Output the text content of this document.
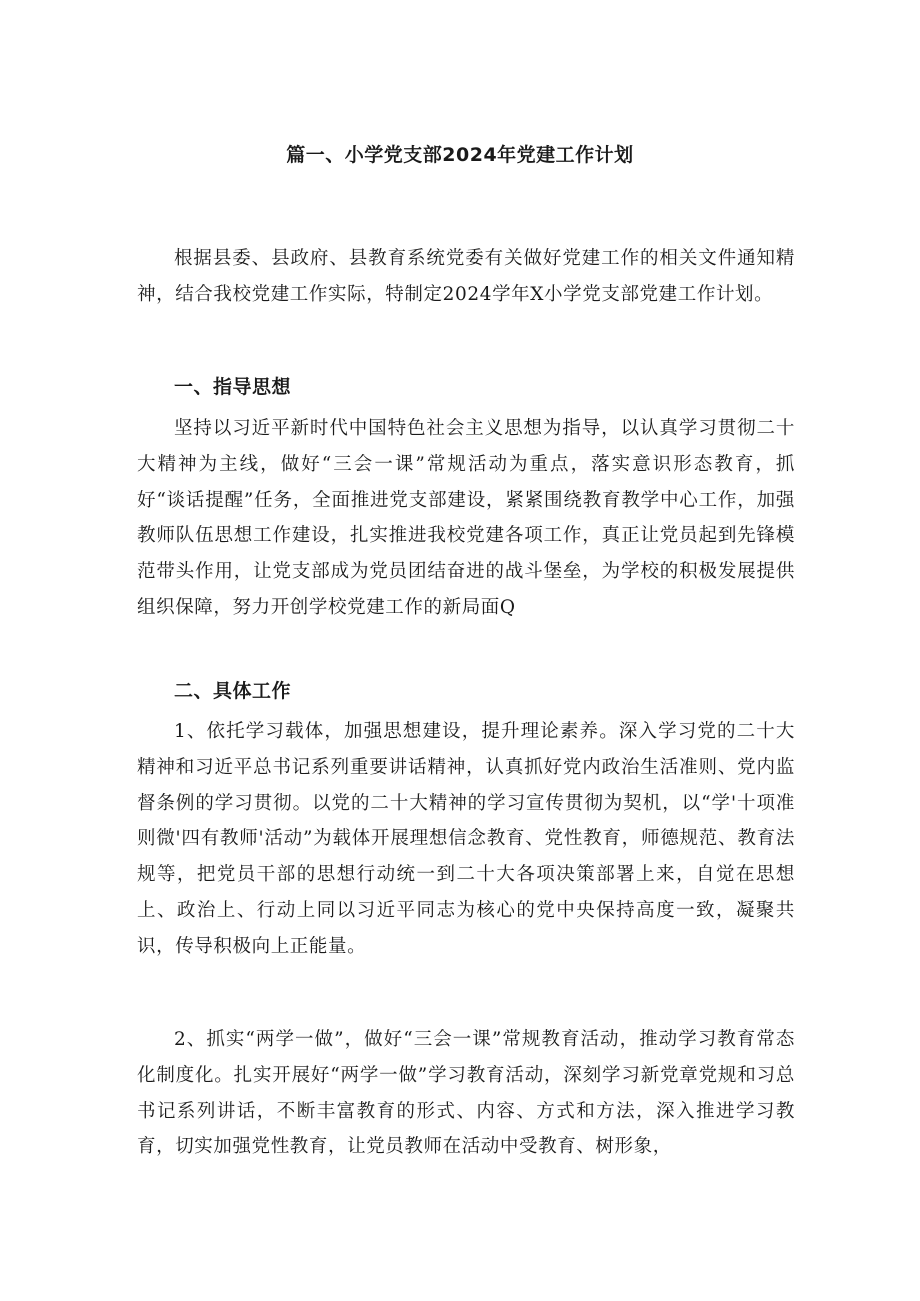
篇一、小学党支部2024年党建工作计划

根据县委、县政府、县教育系统党委有关做好党建工作的相关文件通知精神，结合我校党建工作实际，特制定2024学年X小学党支部党建工作计划。

一、指导思想

坚持以习近平新时代中国特色社会主义思想为指导，以认真学习贯彻二十大精神为主线，做好“三会一课”常规活动为重点，落实意识形态教育，抓好“谈话提醒”任务，全面推进党支部建设，紧紧围绕教育教学中心工作，加强教师队伍思想工作建设，扎实推进我校党建各项工作，真正让党员起到先锋模范带头作用，让党支部成为党员团结奋进的战斗堡垒，为学校的积极发展提供组织保障，努力开创学校党建工作的新局面Q

二、具体工作

1、依托学习载体，加强思想建设，提升理论素养。深入学习党的二十大精神和习近平总书记系列重要讲话精神，认真抓好党内政治生活准则、党内监督条例的学习贯彻。以党的二十大精神的学习宣传贯彻为契机，以“学'十项准则微'四有教师'活动”为载体开展理想信念教育、党性教育，师德规范、教育法规等，把党员干部的思想行动统一到二十大各项决策部署上来，自觉在思想上、政治上、行动上同以习近平同志为核心的党中央保持高度一致，凝聚共识，传导积极向上正能量。

2、抓实“两学一做”，做好“三会一课”常规教育活动，推动学习教育常态化制度化。扎实开展好“两学一做”学习教育活动，深刻学习新党章党规和习总书记系列讲话，不断丰富教育的形式、内容、方式和方法，深入推进学习教育，切实加强党性教育，让党员教师在活动中受教育、树形象，
